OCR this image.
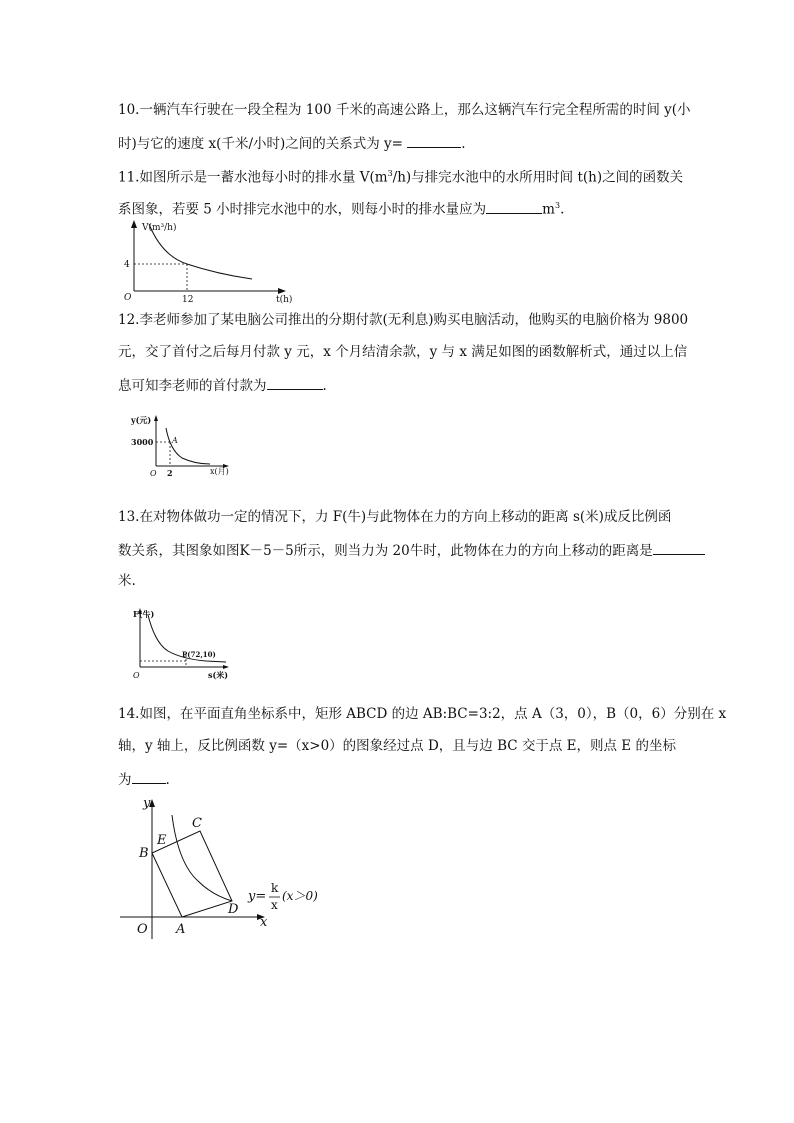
10.一辆汽车行驶在一段全程为 100 千米的高速公路上，那么这辆汽车行完全程所需的时间 y(小
时)与它的速度 x(千米/小时)之间的关系式为 y=	.
11.如图所示是一蓄水池每小时的排水量 $V(m^3/h)$与排完水池中的水所用时间 t(h)之间的函数关
系图象，若要 5 小时排完水池中的水，则每小时的排水量应为	$m^3$.
V(m³/h)
t(h)
O
4
12
12.李老师参加了某电脑公司推出的分期付款(无利息)购买电脑活动，他购买的电脑价格为 9800
元，交了首付之后每月付款 y 元，x 个月结清余款，y 与 x 满足如图的函数解析式，通过以上信
息可知李老师的首付款为	.
y(元)
3000 A
O 2	x(月)
13.在对物体做功一定的情况下，力 F(牛)与此物体在力的方向上移动的距离 s(米)成反比例函
数关系，其图象如图K－5－5所示，则当力为 20牛时，此物体在力的方向上移动的距离是
米.
F(牛)
P(72,10)
O	s(米)
14.如图，在平面直角坐标系中，矩形 ABCD 的边 AB:BC=3:2，点 A（3，0），B（0，6）分别在 x
轴，y 轴上，反比例函数 y=（x>0）的图象经过点 D，且与边 BC 交于点 E，则点 E 的坐标
为	.
y
x
O A
B
C
D
E
y=
k
x
(x＞0)
